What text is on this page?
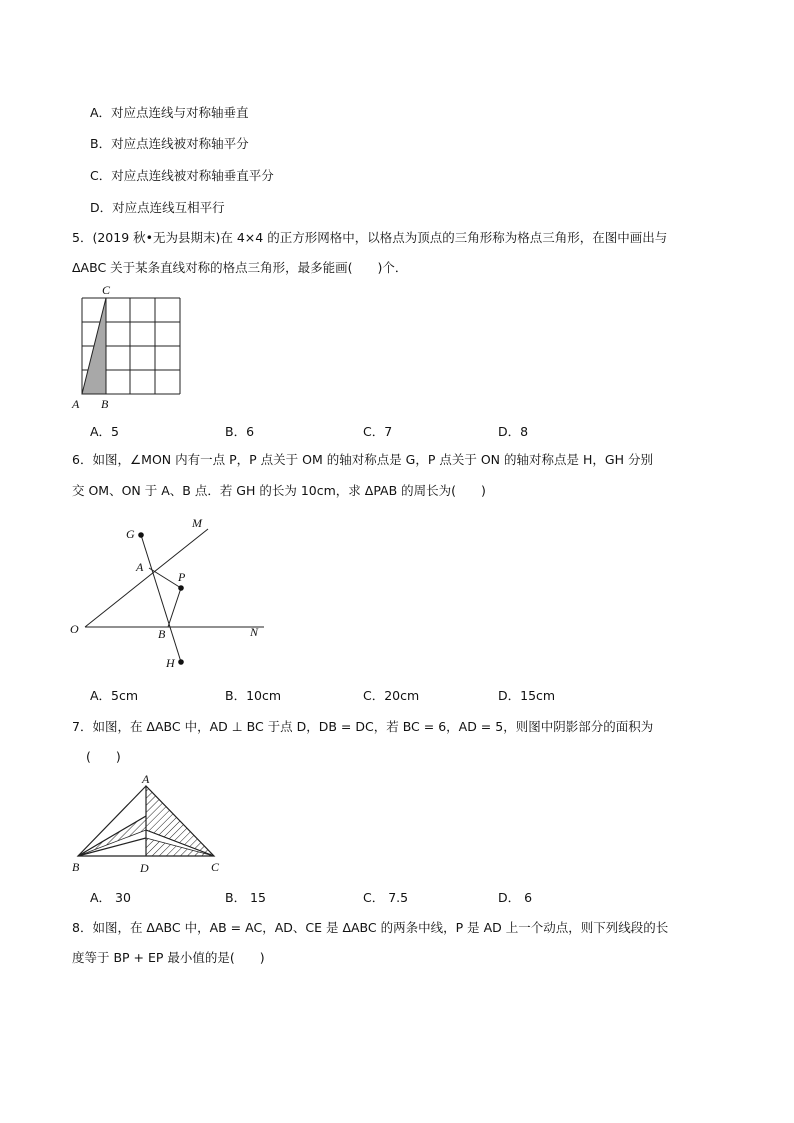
A．对应点连线与对称轴垂直
B．对应点连线被对称轴平分
C．对应点连线被对称轴垂直平分
D．对应点连线互相平行
5．(2019 秋•无为县期末)在 4×4 的正方形网格中，以格点为顶点的三角形称为格点三角形，在图中画出与
ΔABC 关于某条直线对称的格点三角形，最多能画(　　)个．
C
A B
A．5	B．6	C．7	D．8
6．如图，∠MON 内有一点 P，P 点关于 OM 的轴对称点是 G，P 点关于 ON 的轴对称点是 H，GH 分别
交 OM、ON 于 A、B 点．若 GH 的长为 10cm，求 ΔPAB 的周长为(　　)
G
M
A
P
O	B	N
H
A．5cm	B．10cm	C．20cm	D．15cm
7．如图，在 ΔABC 中，AD ⊥ BC 于点 D，DB = DC，若 BC = 6，AD = 5，则图中阴影部分的面积为
(　　)
A
B	D	C
A． 30	B． 15	C． 7.5	D． 6
8．如图，在 ΔABC 中，AB = AC，AD、CE 是 ΔABC 的两条中线，P 是 AD 上一个动点，则下列线段的长
度等于 BP + EP 最小值的是(　　)
